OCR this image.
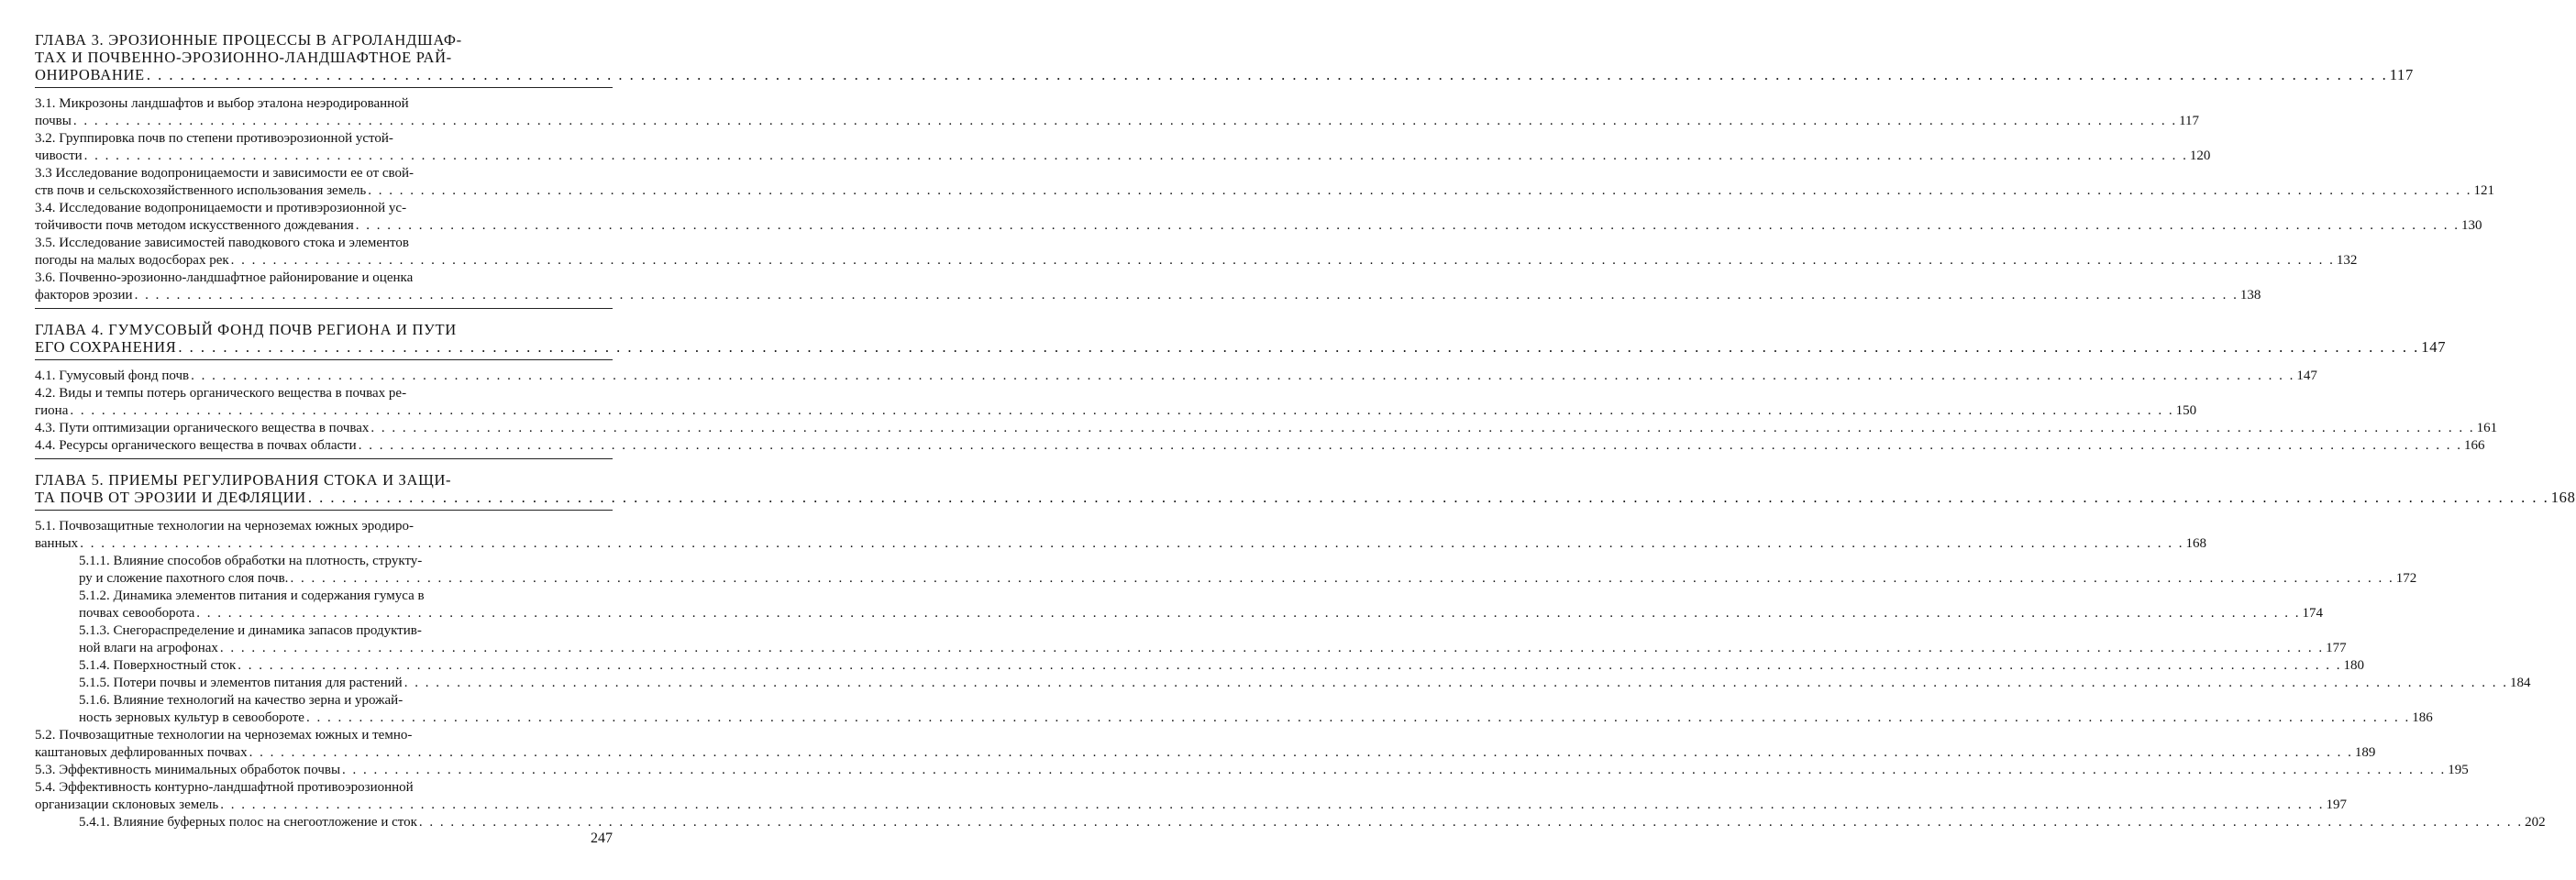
ГЛАВА 3. ЭРОЗИОННЫЕ ПРОЦЕССЫ В АГРОЛАНДШАФ-
ТАХ И ПОЧВЕННО-ЭРОЗИОННО-ЛАНДШАФТНОЕ РАЙ-
ОНИРОВАНИЕ . . . . . . . . . . . . . . . . . . . . . . . . . . . . . . . . . . . . . . . . . . . . . . . . . . . . . . . . . . . . . . . . . . . . . . . . . . . . . . . . . . . . . . . . . . . . . . . . . . . . . . . . . . . . . . . . . . . . . . . . . . . . . . . . . . . . . . . . . . . . . . . . . . . . . . . . . . . . . . . . . . . . . . . . . . . . . . . . . . . . . . . . . . . . . . . . . . . . . . . . 117
3.1. Микрозоны ландшафтов и выбор эталона неэродированной
почвы . . . . . . . . . . . . . . . . . . . . . . . . . . . . . . . . . . . . . . . . . . . . . . . . . . . . . . . . . . . . . . . . . . . . . . . . . . . . . . . . . . . . . . . . . . . . . . . . . . . . . . . . . . . . . . . . . . . . . . . . . . . . . . . . . . . . . . . . . . . . . . . . . . . . . . . . . . . . . . . . . . . . . . . . . . . . . . . . . . . . . . . . . . . . . . . . . . . . . . . . 117
3.2. Группировка почв по степени противоэрозионной устой-
чивости . . . . . . . . . . . . . . . . . . . . . . . . . . . . . . . . . . . . . . . . . . . . . . . . . . . . . . . . . . . . . . . . . . . . . . . . . . . . . . . . . . . . . . . . . . . . . . . . . . . . . . . . . . . . . . . . . . . . . . . . . . . . . . . . . . . . . . . . . . . . . . . . . . . . . . . . . . . . . . . . . . . . . . . . . . . . . . . . . . . . . . . . . . . . . . . . . . . . . . . . 120
3.3 Исследование водопроницаемости и зависимости ее от свой-
ств почв и сельскохозяйственного использования земель . . . . . . . . . . . . . . . . . . . . . . . . . . . . . . . . . . . . . . . . . . . . . . . . . . . . . . . . . . . . . . . . . . . . . . . . . . . . . . . . . . . . . . . . . . . . . . . . . . . . . . . . . . . . . . . . . . . . . . . . . . . . . . . . . . . . . . . . . . . . . . . . . . . . . . . . . . . . . . . . . . . . . . . . . . . . . . . . . . . . . . . . . . . . . . . . . . . . . . . . 121
3.4. Исследование водопроницаемости и противэрозионной ус-
тойчивости почв методом искусственного дождевания . . . . . . . . . . . . . . . . . . . . . . . . . . . . . . . . . . . . . . . . . . . . . . . . . . . . . . . . . . . . . . . . . . . . . . . . . . . . . . . . . . . . . . . . . . . . . . . . . . . . . . . . . . . . . . . . . . . . . . . . . . . . . . . . . . . . . . . . . . . . . . . . . . . . . . . . . . . . . . . . . . . . . . . . . . . . . . . . . . . . . . . . . . . . . . . . . . . . . . . . 130
3.5. Исследование зависимостей паводкового стока и элементов
погоды на малых водосборах рек . . . . . . . . . . . . . . . . . . . . . . . . . . . . . . . . . . . . . . . . . . . . . . . . . . . . . . . . . . . . . . . . . . . . . . . . . . . . . . . . . . . . . . . . . . . . . . . . . . . . . . . . . . . . . . . . . . . . . . . . . . . . . . . . . . . . . . . . . . . . . . . . . . . . . . . . . . . . . . . . . . . . . . . . . . . . . . . . . . . . . . . . . . . . . . . . . . . . . . . . 132
3.6. Почвенно-эрозионно-ландшафтное районирование и оценка
факторов эрозии . . . . . . . . . . . . . . . . . . . . . . . . . . . . . . . . . . . . . . . . . . . . . . . . . . . . . . . . . . . . . . . . . . . . . . . . . . . . . . . . . . . . . . . . . . . . . . . . . . . . . . . . . . . . . . . . . . . . . . . . . . . . . . . . . . . . . . . . . . . . . . . . . . . . . . . . . . . . . . . . . . . . . . . . . . . . . . . . . . . . . . . . . . . . . . . . . . . . . . . . 138
ГЛАВА 4. ГУМУСОВЫЙ ФОНД ПОЧВ РЕГИОНА И ПУТИ
ЕГО СОХРАНЕНИЯ . . . . . . . . . . . . . . . . . . . . . . . . . . . . . . . . . . . . . . . . . . . . . . . . . . . . . . . . . . . . . . . . . . . . . . . . . . . . . . . . . . . . . . . . . . . . . . . . . . . . . . . . . . . . . . . . . . . . . . . . . . . . . . . . . . . . . . . . . . . . . . . . . . . . . . . . . . . . . . . . . . . . . . . . . . . . . . . . . . . . . . . . . . . . . . . . . . . . . . . . 147
4.1. Гумусовый фонд почв . . . . . . . . . . . . . . . . . . . . . . . . . . . . . . . . . . . . . . . . . . . . . . . . . . . . . . . . . . . . . . . . . . . . . . . . . . . . . . . . . . . . . . . . . . . . . . . . . . . . . . . . . . . . . . . . . . . . . . . . . . . . . . . . . . . . . . . . . . . . . . . . . . . . . . . . . . . . . . . . . . . . . . . . . . . . . . . . . . . . . . . . . . . . . . . . . . . . . . . . 147
4.2. Виды и темпы потерь органического вещества в почвах ре-
гиона . . . . . . . . . . . . . . . . . . . . . . . . . . . . . . . . . . . . . . . . . . . . . . . . . . . . . . . . . . . . . . . . . . . . . . . . . . . . . . . . . . . . . . . . . . . . . . . . . . . . . . . . . . . . . . . . . . . . . . . . . . . . . . . . . . . . . . . . . . . . . . . . . . . . . . . . . . . . . . . . . . . . . . . . . . . . . . . . . . . . . . . . . . . . . . . . . . . . . . . . 150
4.3. Пути оптимизации органического вещества в почвах . . . . . . . . . . . . . . . . . . . . . . . . . . . . . . . . . . . . . . . . . . . . . . . . . . . . . . . . . . . . . . . . . . . . . . . . . . . . . . . . . . . . . . . . . . . . . . . . . . . . . . . . . . . . . . . . . . . . . . . . . . . . . . . . . . . . . . . . . . . . . . . . . . . . . . . . . . . . . . . . . . . . . . . . . . . . . . . . . . . . . . . . . . . . . . . . . . . . . . . . 161
4.4. Ресурсы органического вещества в почвах области . . . . . . . . . . . . . . . . . . . . . . . . . . . . . . . . . . . . . . . . . . . . . . . . . . . . . . . . . . . . . . . . . . . . . . . . . . . . . . . . . . . . . . . . . . . . . . . . . . . . . . . . . . . . . . . . . . . . . . . . . . . . . . . . . . . . . . . . . . . . . . . . . . . . . . . . . . . . . . . . . . . . . . . . . . . . . . . . . . . . . . . . . . . . . . . . . . . . . . . . 166
ГЛАВА 5. ПРИЕМЫ РЕГУЛИРОВАНИЯ СТОКА И ЗАЩИ-
ТА ПОЧВ ОТ ЭРОЗИИ И ДЕФЛЯЦИИ . . . . . . . . . . . . . . . . . . . . . . . . . . . . . . . . . . . . . . . . . . . . . . . . . . . . . . . . . . . . . . . . . . . . . . . . . . . . . . . . . . . . . . . . . . . . . . . . . . . . . . . . . . . . . . . . . . . . . . . . . . . . . . . . . . . . . . . . . . . . . . . . . . . . . . . . . . . . . . . . . . . . . . . . . . . . . . . . . . . . . . . . . . . . . . . . . . . . . . . . 168
5.1. Почвозащитные технологии на черноземах южных эродиро-
ванных . . . . . . . . . . . . . . . . . . . . . . . . . . . . . . . . . . . . . . . . . . . . . . . . . . . . . . . . . . . . . . . . . . . . . . . . . . . . . . . . . . . . . . . . . . . . . . . . . . . . . . . . . . . . . . . . . . . . . . . . . . . . . . . . . . . . . . . . . . . . . . . . . . . . . . . . . . . . . . . . . . . . . . . . . . . . . . . . . . . . . . . . . . . . . . . . . . . . . . . . 168
5.1.1. Влияние способов обработки на плотность, структу-
ру и сложение пахотного слоя почв. . . . . . . . . . . . . . . . . . . . . . . . . . . . . . . . . . . . . . . . . . . . . . . . . . . . . . . . . . . . . . . . . . . . . . . . . . . . . . . . . . . . . . . . . . . . . . . . . . . . . . . . . . . . . . . . . . . . . . . . . . . . . . . . . . . . . . . . . . . . . . . . . . . . . . . . . . . . . . . . . . . . . . . . . . . . . . . . . . . . . . . . . . . . . . . . . . . . . . . . . 172
5.1.2. Динамика элементов питания и содержания гумуса в
почвах севооборота . . . . . . . . . . . . . . . . . . . . . . . . . . . . . . . . . . . . . . . . . . . . . . . . . . . . . . . . . . . . . . . . . . . . . . . . . . . . . . . . . . . . . . . . . . . . . . . . . . . . . . . . . . . . . . . . . . . . . . . . . . . . . . . . . . . . . . . . . . . . . . . . . . . . . . . . . . . . . . . . . . . . . . . . . . . . . . . . . . . . . . . . . . . . . . . . . . . . . . . . 174
5.1.3. Снегораспределение и динамика запасов продуктив-
ной влаги на агрофонах . . . . . . . . . . . . . . . . . . . . . . . . . . . . . . . . . . . . . . . . . . . . . . . . . . . . . . . . . . . . . . . . . . . . . . . . . . . . . . . . . . . . . . . . . . . . . . . . . . . . . . . . . . . . . . . . . . . . . . . . . . . . . . . . . . . . . . . . . . . . . . . . . . . . . . . . . . . . . . . . . . . . . . . . . . . . . . . . . . . . . . . . . . . . . . . . . . . . . . . . 177
5.1.4. Поверхностный сток . . . . . . . . . . . . . . . . . . . . . . . . . . . . . . . . . . . . . . . . . . . . . . . . . . . . . . . . . . . . . . . . . . . . . . . . . . . . . . . . . . . . . . . . . . . . . . . . . . . . . . . . . . . . . . . . . . . . . . . . . . . . . . . . . . . . . . . . . . . . . . . . . . . . . . . . . . . . . . . . . . . . . . . . . . . . . . . . . . . . . . . . . . . . . . . . . . . . . . . . 180
5.1.5. Потери почвы и элементов питания для растений . . . . . . . . . . . . . . . . . . . . . . . . . . . . . . . . . . . . . . . . . . . . . . . . . . . . . . . . . . . . . . . . . . . . . . . . . . . . . . . . . . . . . . . . . . . . . . . . . . . . . . . . . . . . . . . . . . . . . . . . . . . . . . . . . . . . . . . . . . . . . . . . . . . . . . . . . . . . . . . . . . . . . . . . . . . . . . . . . . . . . . . . . . . . . . . . . . . . . . . . 184
5.1.6. Влияние технологий на качество зерна и урожай-
ность зерновых культур в севообороте . . . . . . . . . . . . . . . . . . . . . . . . . . . . . . . . . . . . . . . . . . . . . . . . . . . . . . . . . . . . . . . . . . . . . . . . . . . . . . . . . . . . . . . . . . . . . . . . . . . . . . . . . . . . . . . . . . . . . . . . . . . . . . . . . . . . . . . . . . . . . . . . . . . . . . . . . . . . . . . . . . . . . . . . . . . . . . . . . . . . . . . . . . . . . . . . . . . . . . . . 186
5.2. Почвозащитные технологии на черноземах южных и темно-
каштановых дефлированных почвах . . . . . . . . . . . . . . . . . . . . . . . . . . . . . . . . . . . . . . . . . . . . . . . . . . . . . . . . . . . . . . . . . . . . . . . . . . . . . . . . . . . . . . . . . . . . . . . . . . . . . . . . . . . . . . . . . . . . . . . . . . . . . . . . . . . . . . . . . . . . . . . . . . . . . . . . . . . . . . . . . . . . . . . . . . . . . . . . . . . . . . . . . . . . . . . . . . . . . . . . 189
5.3. Эффективность минимальных обработок почвы . . . . . . . . . . . . . . . . . . . . . . . . . . . . . . . . . . . . . . . . . . . . . . . . . . . . . . . . . . . . . . . . . . . . . . . . . . . . . . . . . . . . . . . . . . . . . . . . . . . . . . . . . . . . . . . . . . . . . . . . . . . . . . . . . . . . . . . . . . . . . . . . . . . . . . . . . . . . . . . . . . . . . . . . . . . . . . . . . . . . . . . . . . . . . . . . . . . . . . . . 195
5.4. Эффективность контурно-ландшафтной противоэрозионной
организации склоновых земель . . . . . . . . . . . . . . . . . . . . . . . . . . . . . . . . . . . . . . . . . . . . . . . . . . . . . . . . . . . . . . . . . . . . . . . . . . . . . . . . . . . . . . . . . . . . . . . . . . . . . . . . . . . . . . . . . . . . . . . . . . . . . . . . . . . . . . . . . . . . . . . . . . . . . . . . . . . . . . . . . . . . . . . . . . . . . . . . . . . . . . . . . . . . . . . . . . . . . . . . 197
5.4.1. Влияние буферных полос на снегоотложение и сток . . . . . . . . . . . . . . . . . . . . . . . . . . . . . . . . . . . . . . . . . . . . . . . . . . . . . . . . . . . . . . . . . . . . . . . . . . . . . . . . . . . . . . . . . . . . . . . . . . . . . . . . . . . . . . . . . . . . . . . . . . . . . . . . . . . . . . . . . . . . . . . . . . . . . . . . . . . . . . . . . . . . . . . . . . . . . . . . . . . . . . . . . . . . . . . . . . . . . . . . 202
247
